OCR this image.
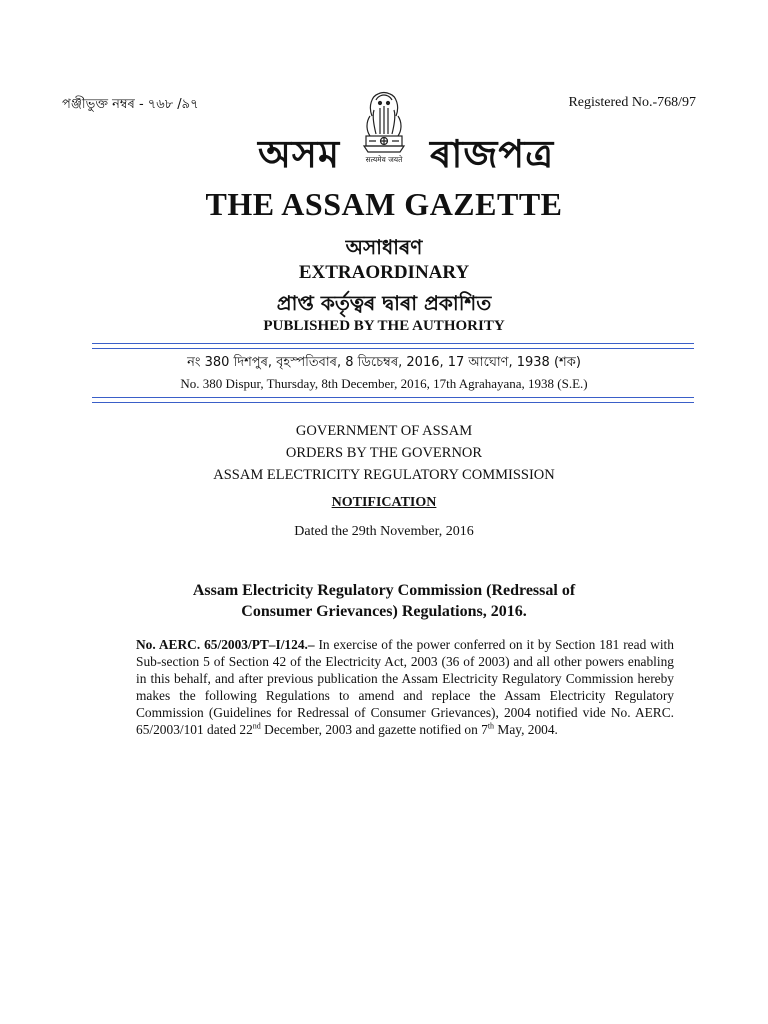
পঞ্জীভুক্ত নম্বৰ - ৭৬৮ /৯৭	Registered No.-768/97
অসম	सत्यमेव जयते ৰাজপত্ৰ
THE ASSAM GAZETTE
অসাধাৰণ
EXTRAORDINARY
প্ৰাপ্ত কৰ্তৃত্বৰ দ্বাৰা প্ৰকাশিত
PUBLISHED BY THE AUTHORITY
নং 380 দিশপুৰ, বৃহস্পতিবাৰ, 8 ডিচেম্বৰ, 2016, 17 আঘোণ, 1938 (শক)
No. 380 Dispur, Thursday, 8th December, 2016, 17th Agrahayana, 1938 (S.E.)
GOVERNMENT OF ASSAM
ORDERS BY THE GOVERNOR
ASSAM ELECTRICITY REGULATORY COMMISSION
NOTIFICATION
Dated the 29th November, 2016
Assam Electricity Regulatory Commission (Redressal of
Consumer Grievances) Regulations, 2016.
No. AERC. 65/2003/PT–I/124.– In exercise of the power conferred on it by Section 181 read with Sub-section 5 of Section 42 of the Electricity Act, 2003 (36 of 2003) and all other powers enabling in this behalf, and after previous publication the Assam Electricity Regulatory Commission hereby makes the following Regulations to amend and replace the Assam Electricity Regulatory Commission (Guidelines for Redressal of Consumer Grievances), 2004 notified vide No. AERC. 65/2003/101 dated 22nd December, 2003 and gazette notified on 7th May, 2004.
